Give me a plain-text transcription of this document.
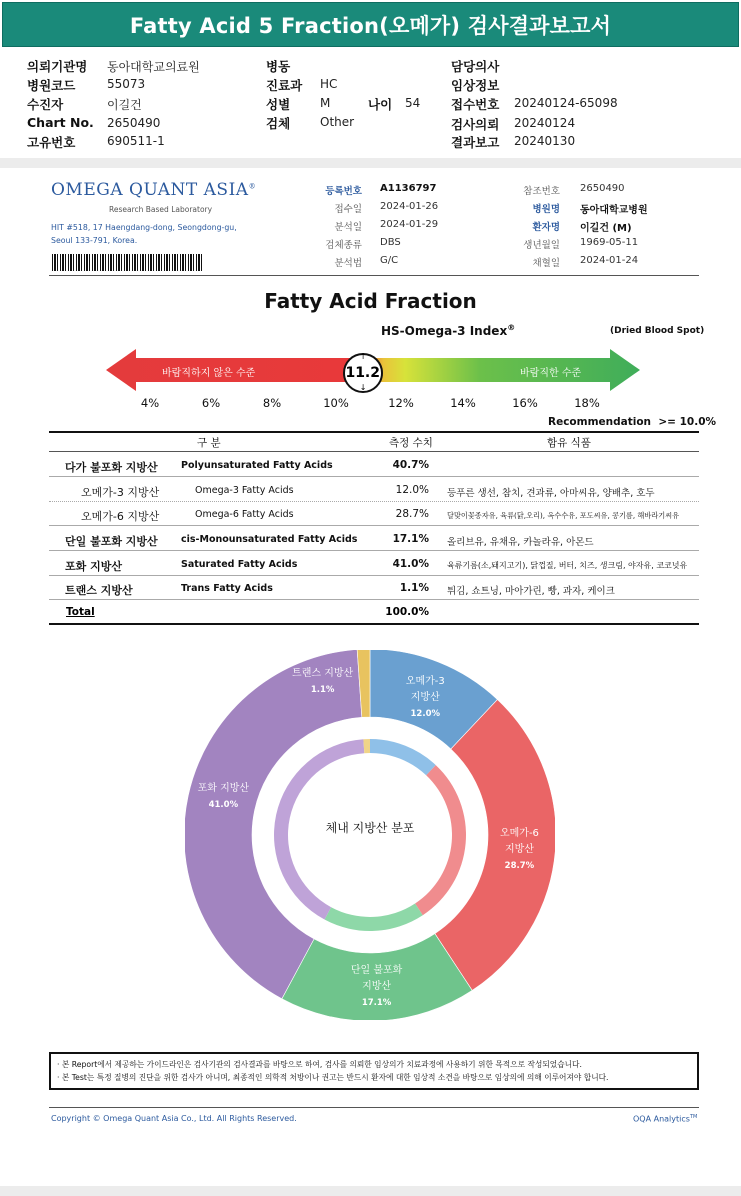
Fatty Acid 5 Fraction(오메가) 검사결과보고서
의뢰기관명 동아대학교의료원
병원코드	55073
수진자	이길건
Chart No. 2650490
고유번호	690511-1
병동
진료과 HC
성별 M	나이 54
검체 Other
담당의사
임상정보
접수번호 20240124-65098
검사의뢰 20240124
결과보고 20240130
OMEGA QUANT ASIA®
Research Based Laboratory
HIT #518, 17 Haengdang-dong, Seongdong-gu,
Seoul 133-791, Korea.
등록번호 A1136797
접수일 2024-01-26
분석일 2024-01-29
검체종류 DBS
분석법 G/C
참조번호 2650490
병원명 동아대학교병원
환자명 이길건 (M)
생년월일 1969-05-11
채혈일 2024-01-24
Fatty Acid Fraction
HS-Omega-3 Index®	(Dried Blood Spot)
바람직하지 않은 수준	바람직한 수준
11.2
↑
↓
4%	6%	8%	10%	12%	14%	16%	18%
Recommendation  >= 10.0%
구 분	측정 수치	함유 식품
다가 불포화 지방산 Polyunsaturated Fatty Acids	40.7%
오메가-3 지방산	Omega-3 Fatty Acids	12.0% 등푸른 생선, 참치, 견과류, 아마씨유, 양배추, 호두
오메가-6 지방산	Omega-6 Fatty Acids	28.7%	달맞이꽃종자유, 육류(닭,오리), 옥수수유, 포도씨유, 콩기름, 해바라기씨유
단일 불포화 지방산 cis-Monounsaturated Fatty Acids	17.1% 올리브유, 유채유, 카놀라유, 아몬드
포화 지방산	Saturated Fatty Acids	41.0% 육류기름(소,돼지고기), 닭껍질, 버터, 치즈, 생크림, 야자유, 코코넛유
트랜스 지방산	Trans Fatty Acids	1.1% 튀김, 쇼트닝, 마아가린, 빵, 과자, 케이크
Total	100.0%
체내 지방산 분포
오메가-3
지방산
12.0%
오메가-6
지방산
28.7%
단일 불포화
지방산
17.1%
포화 지방산
41.0%
트랜스 지방산
1.1%
· 본 Report에서 제공하는 가이드라인은 검사기관의 검사결과를 바탕으로 하여, 검사를 의뢰한 임상의가 치료과정에 사용하기 위한 목적으로 작성되었습니다.
· 본 Test는 특정 질병의 진단을 위한 검사가 아니며, 최종적인 의학적 처방이나 권고는 반드시 환자에 대한 임상적 소견을 바탕으로 임상의에 의해 이루어져야 합니다.
Copyright © Omega Quant Asia Co., Ltd. All Rights Reserved.	OQA Analytics™
